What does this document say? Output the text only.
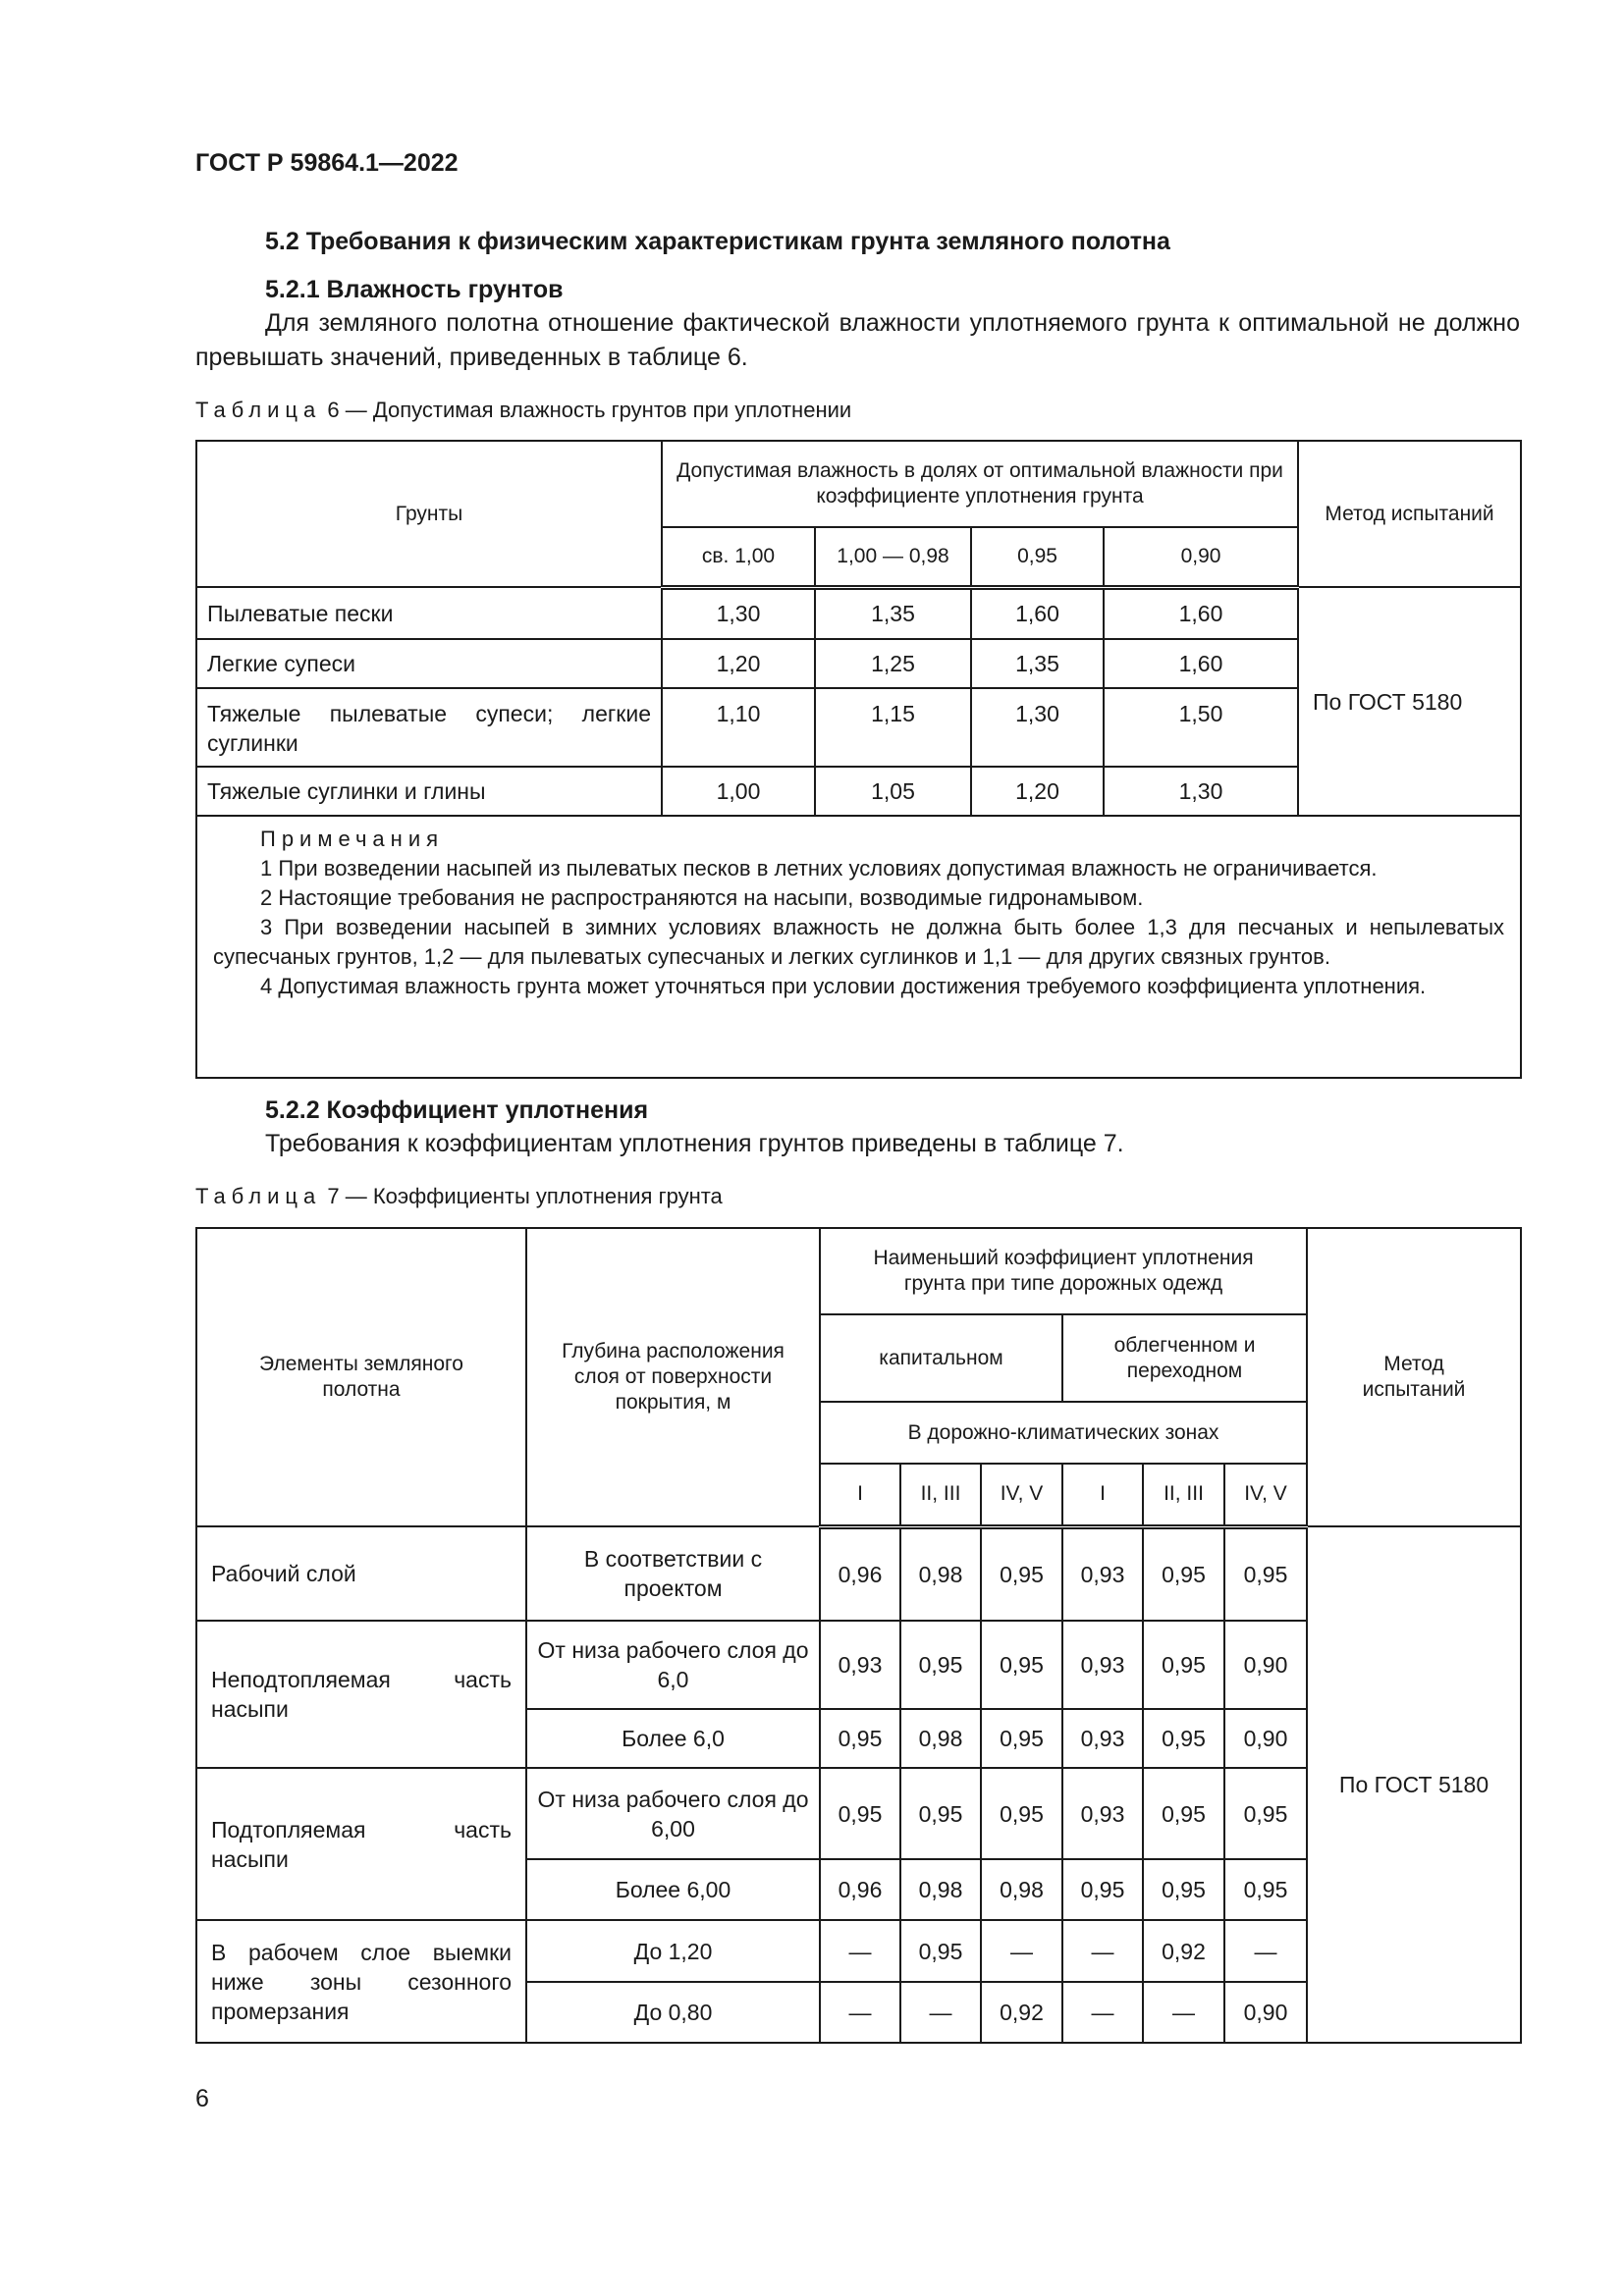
ГОСТ Р 59864.1—2022
5.2 Требования к физическим характеристикам грунта земляного полотна
5.2.1 Влажность грунтов
Для земляного полотна отношение фактической влажности уплотняемого грунта к оптимальной не должно превышать значений, приведенных в таблице 6.
Таблица 6 — Допустимая влажность грунтов при уплотнении
Грунты	Допустимая влажность в долях от оптимальной влажности при коэффициенте уплотнения грунта				Метод испытаний
	св. 1,00	1,00 — 0,98	0,95	0,90	
Пылеватые пески	1,30	1,35	1,60	1,60	По ГОСТ 5180
Легкие супеси	1,20	1,25	1,35	1,60	
Тяжелые пылеватые супеси; легкие суглинки	1,10	1,15	1,30	1,50	
Тяжелые суглинки и глины	1,00	1,05	1,20	1,30	

Примечания

1 При возведении насыпей из пылеватых песков в летних условиях допустимая влажность не ограничивается.

2 Настоящие требования не распространяются на насыпи, возводимые гидронамывом.

3 При возведении насыпей в зимних условиях влажность не должна быть более 1,3 для песчаных и непылеватых супесчаных грунтов, 1,2 — для пылеватых супесчаных и легких суглинков и 1,1 — для других связных грунтов.

4 Допустимая влажность грунта может уточняться при условии достижения требуемого коэффициента уплотнения.					

5.2.2 Коэффициент уплотнения
Требования к коэффициентам уплотнения грунтов приведены в таблице 7.
Таблица 7 — Коэффициенты уплотнения грунта
Элементы земляного полотна	Глубина расположения слоя от поверхности покрытия, м	Наименьший коэффициент уплотнения грунта при типе дорожных одежд						Метод испытаний
		капитальном			облегченном и переходном			
		В дорожно-климатических зонах						
		I	II, III	IV, V	I	II, III	IV, V	
Рабочий слой	В соответствии с проектом	0,96	0,98	0,95	0,93	0,95	0,95	По ГОСТ 5180
Неподтопляемая часть насыпи	От низа рабочего слоя до 6,0	0,93	0,95	0,95	0,93	0,95	0,90	
	Более 6,0	0,95	0,98	0,95	0,93	0,95	0,90	
Подтопляемая часть насыпи	От низа рабочего слоя до 6,00	0,95	0,95	0,95	0,93	0,95	0,95	
	Более 6,00	0,96	0,98	0,98	0,95	0,95	0,95	
В рабочем слое выемки ниже зоны сезонного промерзания	До 1,20	—	0,95	—	—	0,92	—	
	До 0,80	—	—	0,92	—	—	0,90	
6
